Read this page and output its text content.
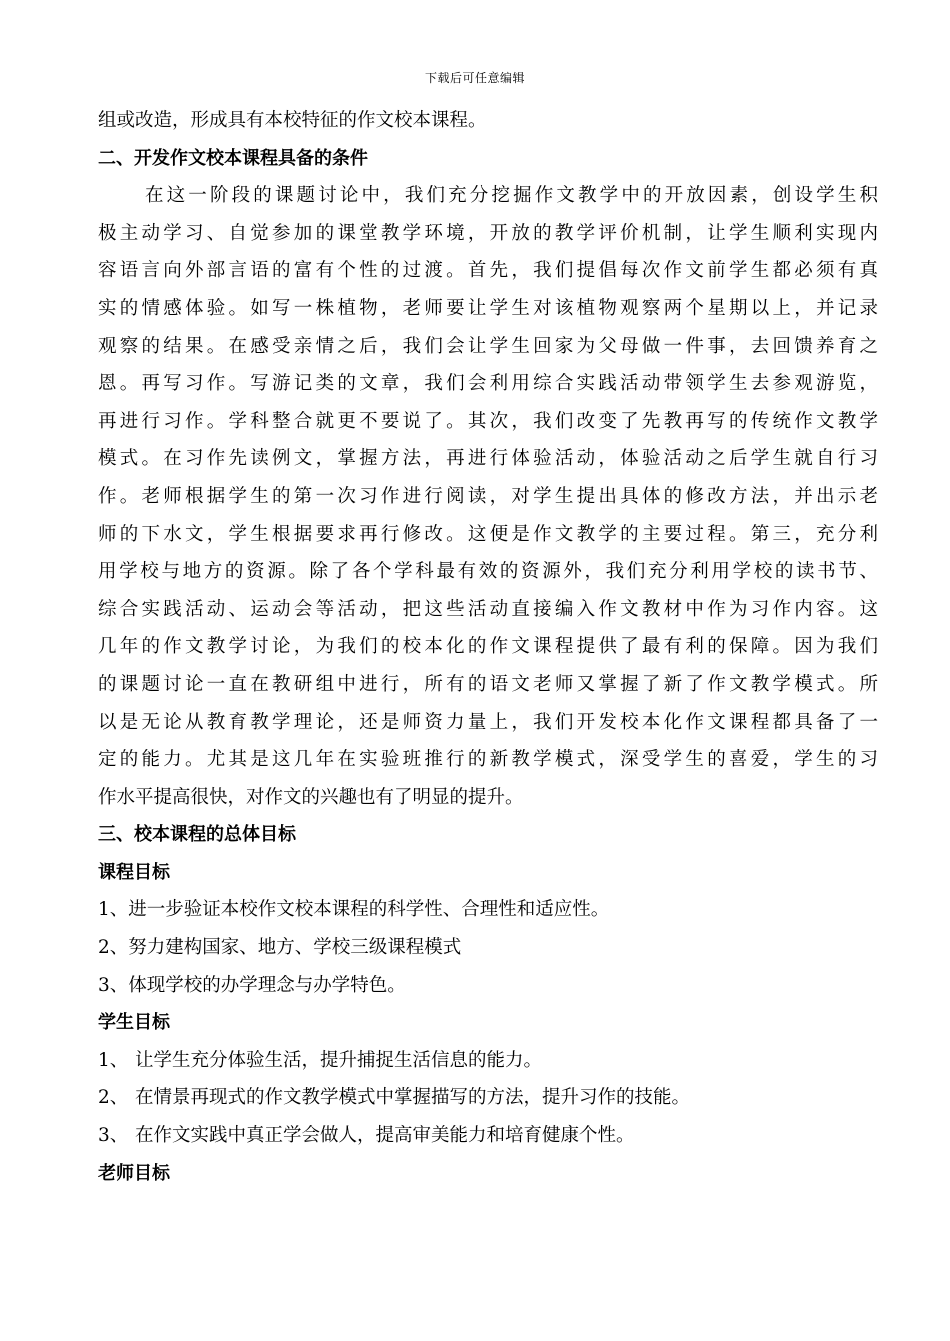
下载后可任意编辑
组或改造，形成具有本校特征的作文校本课程。
二、开发作文校本课程具备的条件
在这一阶段的课题讨论中，我们充分挖掘作文教学中的开放因素，创设学生积
极主动学习、自觉参加的课堂教学环境，开放的教学评价机制，让学生顺利实现内
容语言向外部言语的富有个性的过渡。首先，我们提倡每次作文前学生都必须有真
实的情感体验。如写一株植物，老师要让学生对该植物观察两个星期以上，并记录
观察的结果。在感受亲情之后，我们会让学生回家为父母做一件事，去回馈养育之
恩。再写习作。写游记类的文章，我们会利用综合实践活动带领学生去参观游览，
再进行习作。学科整合就更不要说了。其次，我们改变了先教再写的传统作文教学
模式。在习作先读例文，掌握方法，再进行体验活动，体验活动之后学生就自行习
作。老师根据学生的第一次习作进行阅读，对学生提出具体的修改方法，并出示老
师的下水文，学生根据要求再行修改。这便是作文教学的主要过程。第三，充分利
用学校与地方的资源。除了各个学科最有效的资源外，我们充分利用学校的读书节、
综合实践活动、运动会等活动，把这些活动直接编入作文教材中作为习作内容。这
几年的作文教学讨论，为我们的校本化的作文课程提供了最有利的保障。因为我们
的课题讨论一直在教研组中进行，所有的语文老师又掌握了新了作文教学模式。所
以是无论从教育教学理论，还是师资力量上，我们开发校本化作文课程都具备了一
定的能力。尤其是这几年在实验班推行的新教学模式，深受学生的喜爱，学生的习
作水平提高很快，对作文的兴趣也有了明显的提升。
三、校本课程的总体目标
课程目标
1、进一步验证本校作文校本课程的科学性、合理性和适应性。
2、努力建构国家、地方、学校三级课程模式
3、体现学校的办学理念与办学特色。
学生目标
1、 让学生充分体验生活，提升捕捉生活信息的能力。
2、 在情景再现式的作文教学模式中掌握描写的方法，提升习作的技能。
3、 在作文实践中真正学会做人，提高审美能力和培育健康个性。
老师目标
